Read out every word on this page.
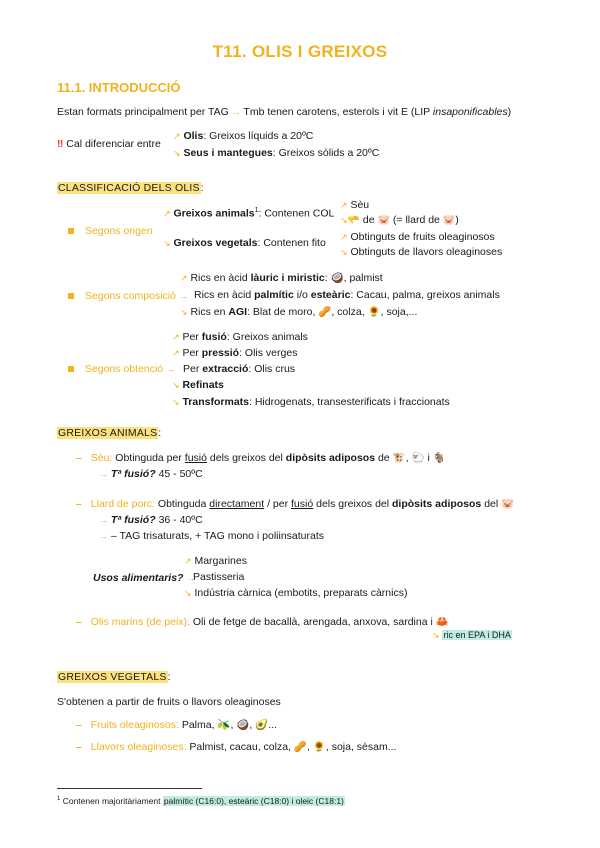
T11. OLIS I GREIXOS
11.1. INTRODUCCIÓ
Estan formats principalment per TAG → Tmb tenen carotens, esterols i vit E (LIP insaponificables)
‼ Cal diferenciar entre
↗ Olis: Greixos líquids a 20ºC
↘ Seus i mantegues: Greixos sòlids a 20ºC
CLASSIFICACIÓ DELS OLIS:
Segons origen
↗ Greixos animals$^1$: Contenen COL
↗ Sèu
↘🫳 de 🐷 (= llard de 🐷)
↘ Greixos vegetals: Contenen fito ↗ Obtinguts de fruits oleaginosos
↘ Obtinguts de llavors oleaginoses
Segons composició →
↗ Rics en àcid làuric i miristic: 🥥, palmist
Rics en àcid palmític i/o esteàric: Cacau, palma, greixos animals
↘ Rics en AGI: Blat de moro, 🥜, colza, 🌻, soja,...
Segons obtenció →
↗ Per fusió: Greixos animals
↗ Per pressió: Olis verges
Per extracció: Olis crus
↘ Refinats
↘ Transformats: Hidrogenats, transesterificats i fraccionats
GREIXOS ANIMALS:
– Sèu: Obtinguda per fusió dels greixos del dipòsits adiposos de 🐮, 🐑 i 🐐
→ Tª fusió? 45 - 50ºC
– Llard de porc: Obtinguda directament / per fusió dels greixos del dipòsits adiposos del 🐷
→ Tª fusió? 36 - 40ºC
→ – TAG trisaturats, + TAG mono i poliinsaturats
Usos alimentaris? →
↗ Margarines
Pastisseria
↘ Indústria càrnica (embotits, preparats càrnics)
– Olis marins (de peix): Oli de fetge de bacallà, arengada, anxova, sardina i 🦀
↘ ric en EPA i DHA
GREIXOS VEGETALS:
S'obtenen a partir de fruits o llavors oleaginoses
– Fruits oleaginosos: Palma, 🫒, 🥥, 🥑...
– Llavors oleaginoses: Palmist, cacau, colza, 🥜, 🌻, soja, sèsam...
$^1$ Contenen majoritàriament palmític (C16:0), esteàric (C18:0) i oleic (C18:1)
